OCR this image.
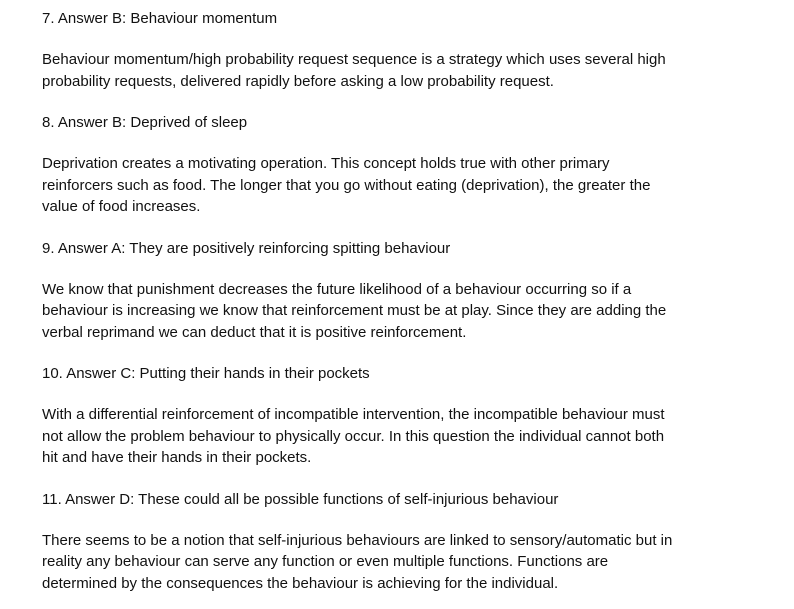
7. Answer B: Behaviour momentum

Behaviour momentum/high probability request sequence is a strategy which uses several high
probability requests, delivered rapidly before asking a low probability request.

8. Answer B: Deprived of sleep

Deprivation creates a motivating operation. This concept holds true with other primary
reinforcers such as food. The longer that you go without eating (deprivation), the greater the
value of food increases.

9. Answer A: They are positively reinforcing spitting behaviour

We know that punishment decreases the future likelihood of a behaviour occurring so if a
behaviour is increasing we know that reinforcement must be at play. Since they are adding the
verbal reprimand we can deduct that it is positive reinforcement.

10. Answer C: Putting their hands in their pockets

With a differential reinforcement of incompatible intervention, the incompatible behaviour must
not allow the problem behaviour to physically occur. In this question the individual cannot both
hit and have their hands in their pockets.

11. Answer D: These could all be possible functions of self-injurious behaviour

There seems to be a notion that self-injurious behaviours are linked to sensory/automatic but in
reality any behaviour can serve any function or even multiple functions. Functions are
determined by the consequences the behaviour is achieving for the individual.
